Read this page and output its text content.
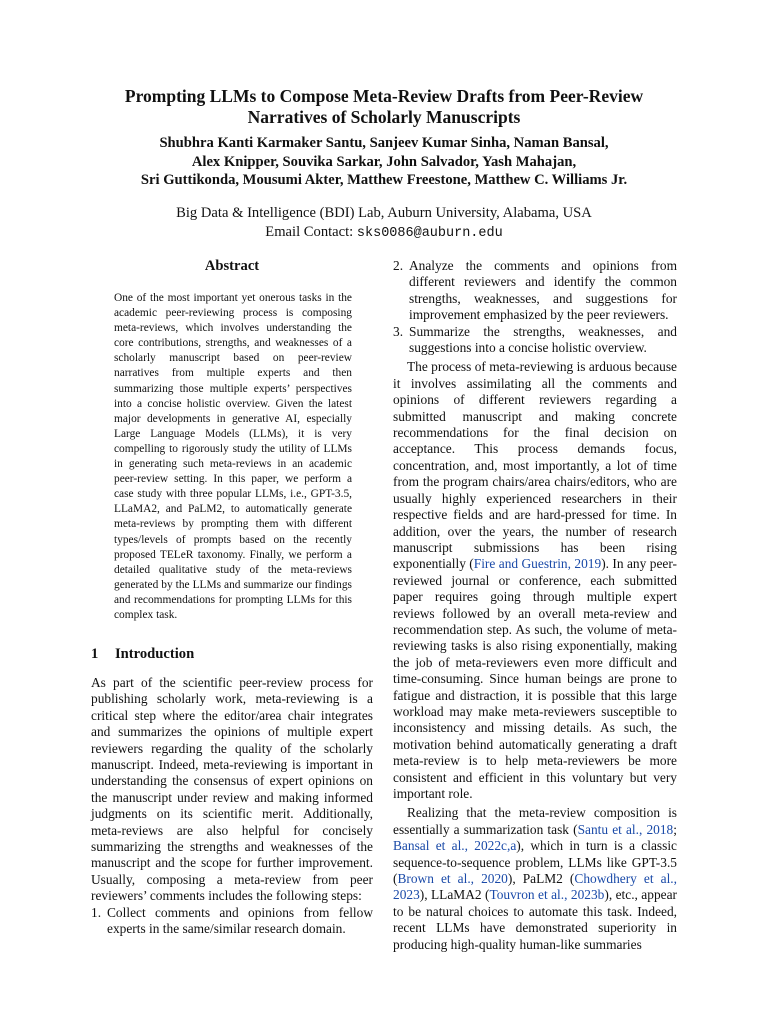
Prompting LLMs to Compose Meta-Review Drafts from Peer-Review
Narratives of Scholarly Manuscripts
Shubhra Kanti Karmaker Santu, Sanjeev Kumar Sinha, Naman Bansal,
Alex Knipper, Souvika Sarkar, John Salvador, Yash Mahajan,
Sri Guttikonda, Mousumi Akter, Matthew Freestone, Matthew C. Williams Jr.
Big Data & Intelligence (BDI) Lab, Auburn University, Alabama, USA
Email Contact: sks0086@auburn.edu
Abstract
One of the most important yet onerous tasks in the academic peer-reviewing process is composing meta-reviews, which involves understanding the core contributions, strengths, and weaknesses of a scholarly manuscript based on peer-review narratives from multiple experts and then summarizing those multiple experts’ perspectives into a concise holistic overview. Given the latest major developments in generative AI, especially Large Language Models (LLMs), it is very compelling to rigorously study the utility of LLMs in generating such meta-reviews in an academic peer-review setting. In this paper, we perform a case study with three popular LLMs, i.e., GPT-3.5, LLaMA2, and PaLM2, to automatically generate meta-reviews by prompting them with different types/levels of prompts based on the recently proposed TELeR taxonomy. Finally, we perform a detailed qualitative study of the meta-reviews generated by the LLMs and summarize our findings and recommendations for prompting LLMs for this complex task.
1 Introduction

As part of the scientific peer-review process for publishing scholarly work, meta-reviewing is a critical step where the editor/area chair integrates and summarizes the opinions of multiple expert reviewers regarding the quality of the scholarly manuscript. Indeed, meta-reviewing is important in understanding the consensus of expert opinions on the manuscript under review and making informed judgments on its scientific merit. Additionally, meta-reviews are also helpful for concisely summarizing the strengths and weaknesses of the manuscript and the scope for further improvement. Usually, composing a meta-review from peer reviewers’ comments includes the following steps:

1. Collect comments and opinions from fellow experts in the same/similar research domain.
2. Analyze the comments and opinions from different reviewers and identify the common strengths, weaknesses, and suggestions for improvement emphasized by the peer reviewers.
3. Summarize the strengths, weaknesses, and suggestions into a concise holistic overview.

The process of meta-reviewing is arduous because it involves assimilating all the comments and opinions of different reviewers regarding a submitted manuscript and making concrete recommendations for the final decision on acceptance. This process demands focus, concentration, and, most importantly, a lot of time from the program chairs/area chairs/editors, who are usually highly experienced researchers in their respective fields and are hard-pressed for time. In addition, over the years, the number of research manuscript submissions has been rising exponentially (Fire and Guestrin, 2019). In any peer-reviewed journal or conference, each submitted paper requires going through multiple expert reviews followed by an overall meta-review and recommendation step. As such, the volume of meta-reviewing tasks is also rising exponentially, making the job of meta-reviewers even more difficult and time-consuming. Since human beings are prone to fatigue and distraction, it is possible that this large workload may make meta-reviewers susceptible to inconsistency and missing details. As such, the motivation behind automatically generating a draft meta-review is to help meta-reviewers be more consistent and efficient in this voluntary but very important role.

Realizing that the meta-review composition is essentially a summarization task (Santu et al., 2018; Bansal et al., 2022c,a), which in turn is a classic sequence-to-sequence problem, LLMs like GPT-3.5 (Brown et al., 2020), PaLM2 (Chowdhery et al., 2023), LLaMA2 (Touvron et al., 2023b), etc., appear to be natural choices to automate this task. Indeed, recent LLMs have demonstrated superiority in producing high-quality human-like summaries
